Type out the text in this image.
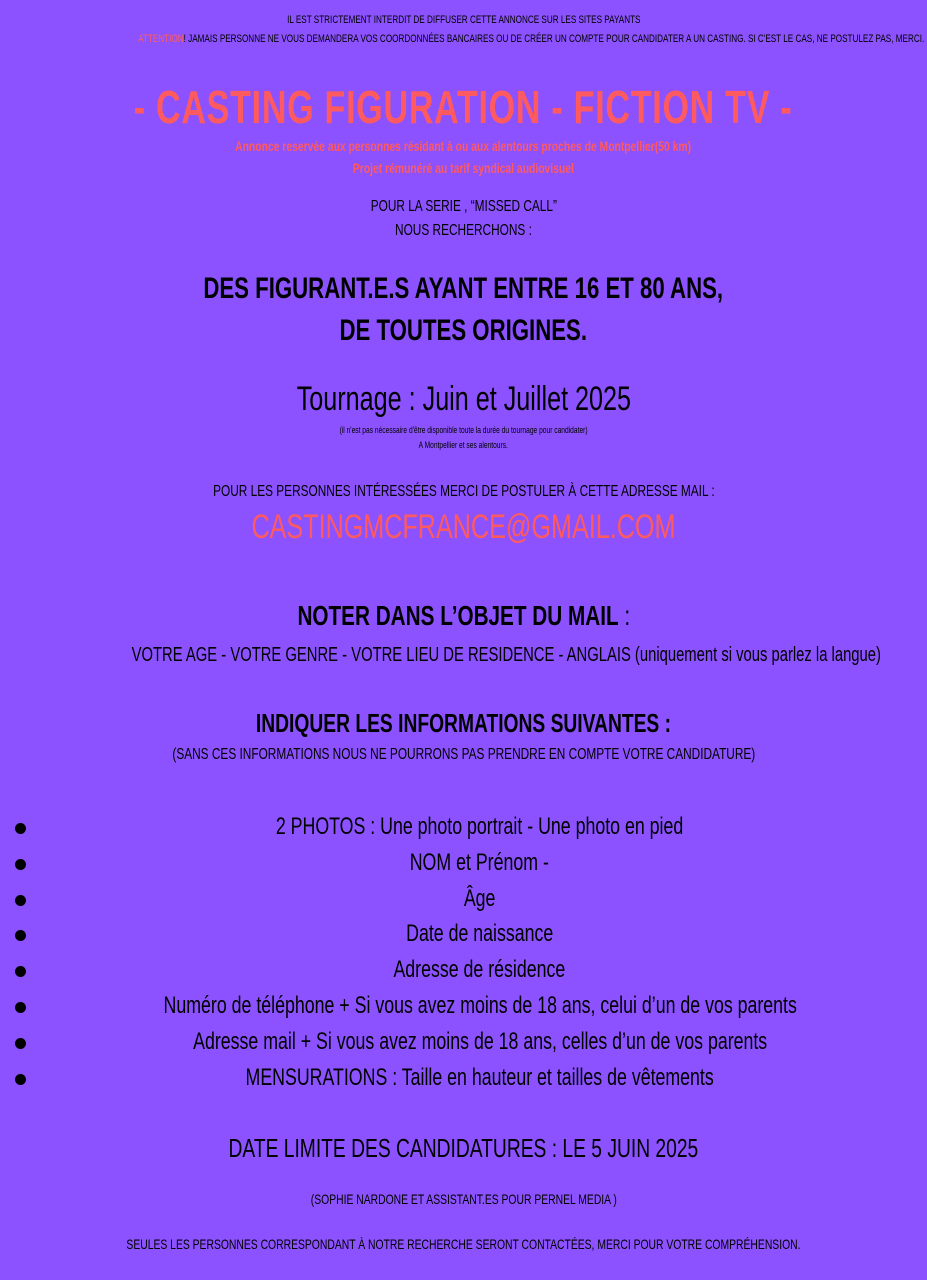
IL EST STRICTEMENT INTERDIT DE DIFFUSER CETTE ANNONCE SUR LES SITES PAYANTS
ATTENTION! JAMAIS PERSONNE NE VOUS DEMANDERA VOS COORDONNÉES BANCAIRES OU DE CRÉER UN COMPTE POUR CANDIDATER A UN CASTING. SI C'EST LE CAS, NE POSTULEZ PAS, MERCI.
- CASTING FIGURATION - FICTION TV -
Annonce reservée aux personnes résidant à ou aux alentours proches de Montpellier(50 km)
Projet rémunéré au tarif syndical audiovisuel
POUR LA SERIE , “MISSED CALL”
NOUS RECHERCHONS :
DES FIGURANT.E.S AYANT ENTRE 16 ET 80 ANS,
DE TOUTES ORIGINES.
Tournage : Juin et Juillet 2025
(il n'est pas nécessaire d'être disponible toute la durée du tournage pour candidater)
A Montpellier et ses alentours.
POUR LES PERSONNES INTÉRESSÉES MERCI DE POSTULER À CETTE ADRESSE MAIL :
CASTINGMCFRANCE@GMAIL.COM
NOTER DANS L’OBJET DU MAIL :
VOTRE AGE - VOTRE GENRE - VOTRE LIEU DE RESIDENCE - ANGLAIS (uniquement si vous parlez la langue)
INDIQUER LES INFORMATIONS SUIVANTES :
(SANS CES INFORMATIONS NOUS NE POURRONS PAS PRENDRE EN COMPTE VOTRE CANDIDATURE)
2 PHOTOS : Une photo portrait - Une photo en pied
NOM et Prénom -
Âge
Date de naissance
Adresse de résidence
Numéro de téléphone + Si vous avez moins de 18 ans, celui d’un de vos parents
Adresse mail + Si vous avez moins de 18 ans, celles d’un de vos parents
MENSURATIONS : Taille en hauteur et tailles de vêtements
DATE LIMITE DES CANDIDATURES : LE 5 JUIN 2025
(SOPHIE NARDONE ET ASSISTANT.ES POUR PERNEL MEDIA )
SEULES LES PERSONNES CORRESPONDANT À NOTRE RECHERCHE SERONT CONTACTÉES, MERCI POUR VOTRE COMPRÉHENSION.
